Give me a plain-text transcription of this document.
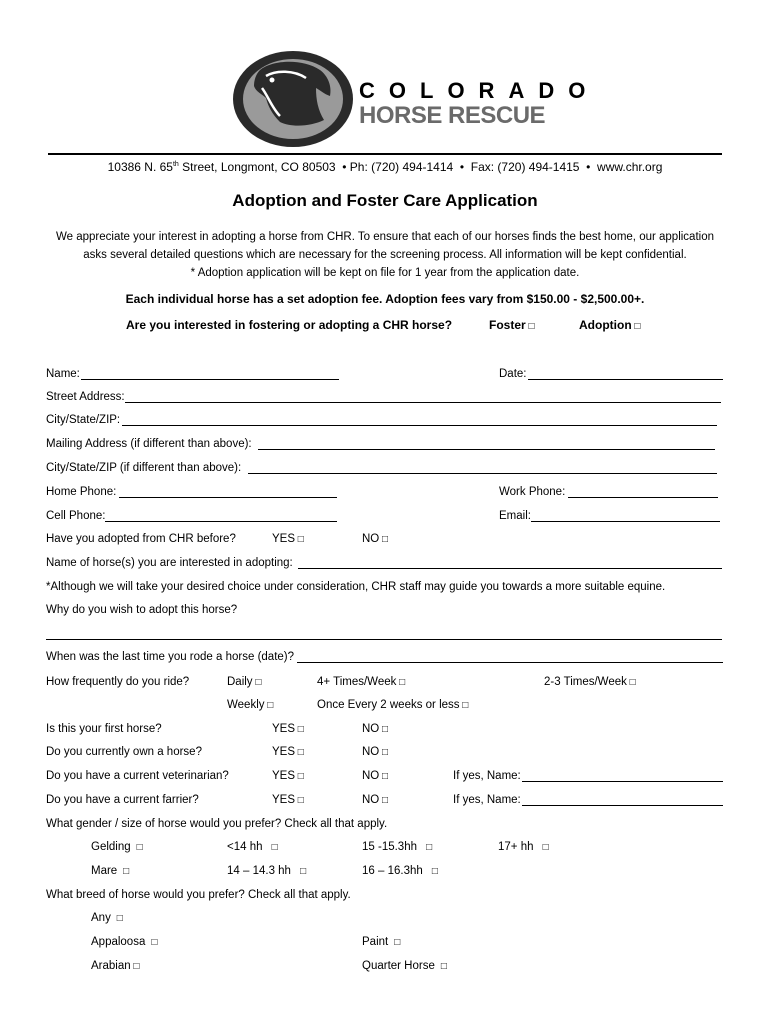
COLORADO
HORSE RESCUE
10386 N. 65th Street, Longmont, CO 80503  • Ph: (720) 494-1414  •  Fax: (720) 494-1415  •  www.chr.org
Adoption and Foster Care Application
We appreciate your interest in adopting a horse from CHR. To ensure that each of our horses finds the best home, our application
asks several detailed questions which are necessary for the screening process. All information will be kept confidential.
* Adoption application will be kept on file for 1 year from the application date.
Each individual horse has a set adoption fee. Adoption fees vary from $150.00 - $2,500.00+.
Are you interested in fostering or adopting a CHR horse?	Foster □	Adoption □
Name:	Date:
Street Address:
City/State/ZIP:
Mailing Address (if different than above):
City/State/ZIP (if different than above):
Home Phone:	Work Phone:
Cell Phone:	Email:
Have you adopted from CHR before?	YES □	NO □
Name of horse(s) you are interested in adopting:
*Although we will take your desired choice under consideration, CHR staff may guide you towards a more suitable equine.
Why do you wish to adopt this horse?
When was the last time you rode a horse (date)?
How frequently do you ride?	Daily □	4+ Times/Week □	2-3 Times/Week □
Weekly □	Once Every 2 weeks or less □
Is this your first horse?	YES □	NO □
Do you currently own a horse?	YES □	NO □
Do you have a current veterinarian?	YES □	NO □	If yes, Name:
Do you have a current farrier?	YES □	NO □	If yes, Name:
What gender / size of horse would you prefer? Check all that apply.
Gelding □	<14 hh □	15 -15.3hh □	17+ hh   □
Mare □	14 – 14.3 hh □	16 – 16.3hh   □
What breed of horse would you prefer? Check all that apply.
Any  □
Appaloosa □	Paint  □
Arabian □	Quarter Horse  □
